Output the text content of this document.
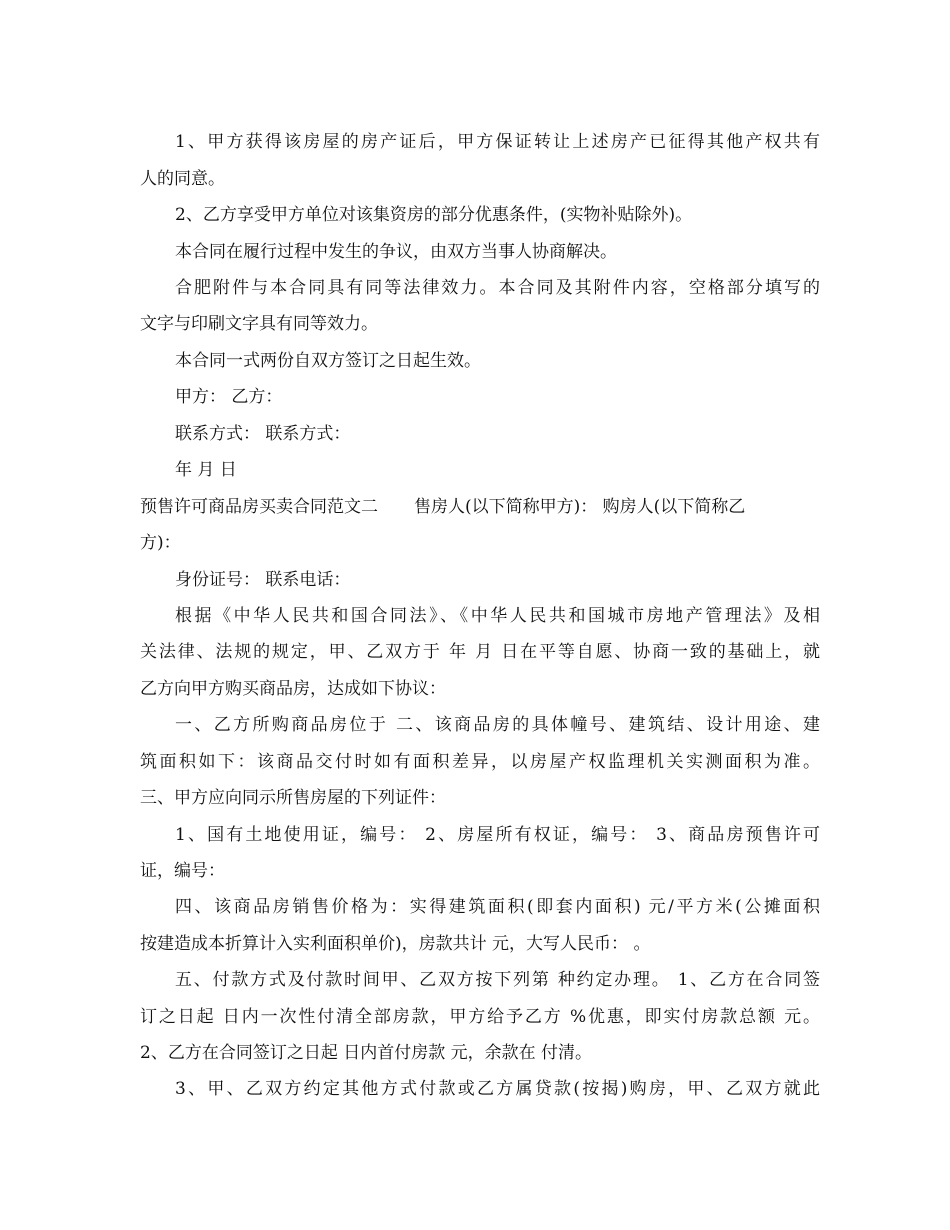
1、甲方获得该房屋的房产证后，甲方保证转让上述房产已征得其他产权共有
人的同意。
2、乙方享受甲方单位对该集资房的部分优惠条件，(实物补贴除外)。
本合同在履行过程中发生的争议，由双方当事人协商解决。
合肥附件与本合同具有同等法律效力。本合同及其附件内容，空格部分填写的
文字与印刷文字具有同等效力。
本合同一式两份自双方签订之日起生效。
甲方： 乙方：
联系方式： 联系方式：
年 月 日
预售许可商品房买卖合同范文二 售房人(以下简称甲方)： 购房人(以下简称乙
方)：
身份证号： 联系电话：
根据《中华人民共和国合同法》、《中华人民共和国城市房地产管理法》及相
关法律、法规的规定，甲、乙双方于 年 月 日在平等自愿、协商一致的基础上，就
乙方向甲方购买商品房，达成如下协议：
一、乙方所购商品房位于 二、该商品房的具体幢号、建筑结、设计用途、建
筑面积如下：该商品交付时如有面积差异，以房屋产权监理机关实测面积为准。
三、甲方应向同示所售房屋的下列证件：
1、国有土地使用证，编号： 2、房屋所有权证，编号： 3、商品房预售许可
证，编号：
四、该商品房销售价格为：实得建筑面积(即套内面积) 元/平方米(公摊面积
按建造成本折算计入实利面积单价)，房款共计 元，大写人民币： 。
五、付款方式及付款时间甲、乙双方按下列第 种约定办理。 1、乙方在合同签
订之日起 日内一次性付清全部房款，甲方给予乙方 %优惠，即实付房款总额 元。
2、乙方在合同签订之日起 日内首付房款 元，余款在 付清。
3、甲、乙双方约定其他方式付款或乙方属贷款(按揭)购房，甲、乙双方就此
